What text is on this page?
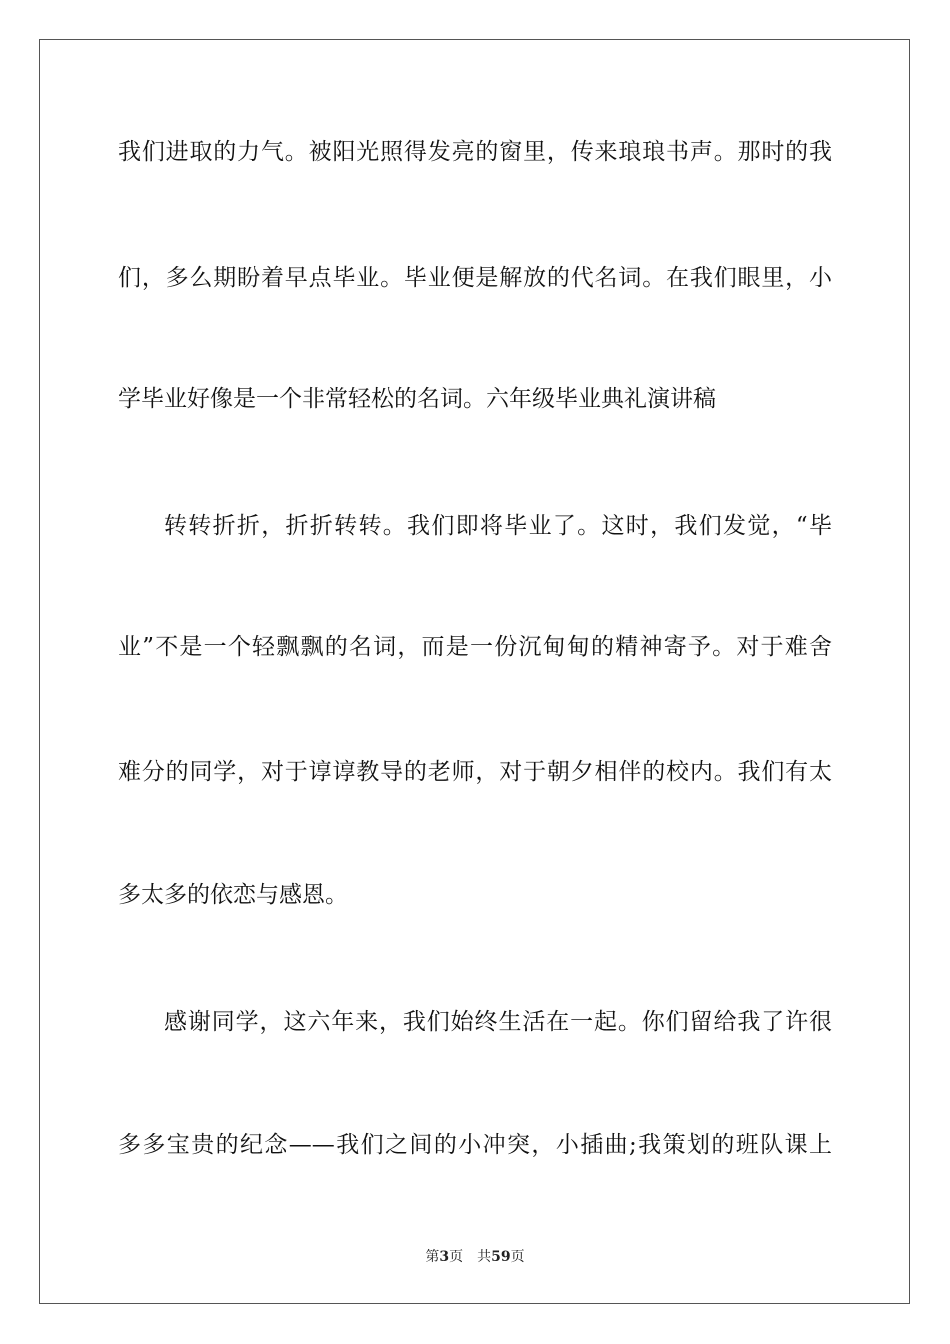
我们进取的力气。被阳光照得发亮的窗里，传来琅琅书声。那时的我
们，多么期盼着早点毕业。毕业便是解放的代名词。在我们眼里，小
学毕业好像是一个非常轻松的名词。六年级毕业典礼演讲稿
转转折折，折折转转。我们即将毕业了。这时，我们发觉，“毕
业”不是一个轻飘飘的名词，而是一份沉甸甸的精神寄予。对于难舍
难分的同学，对于谆谆教导的老师，对于朝夕相伴的校内。我们有太
多太多的依恋与感恩。
感谢同学，这六年来，我们始终生活在一起。你们留给我了许很
多多宝贵的纪念——我们之间的小冲突，小插曲;我策划的班队课上
第3页 共59页
